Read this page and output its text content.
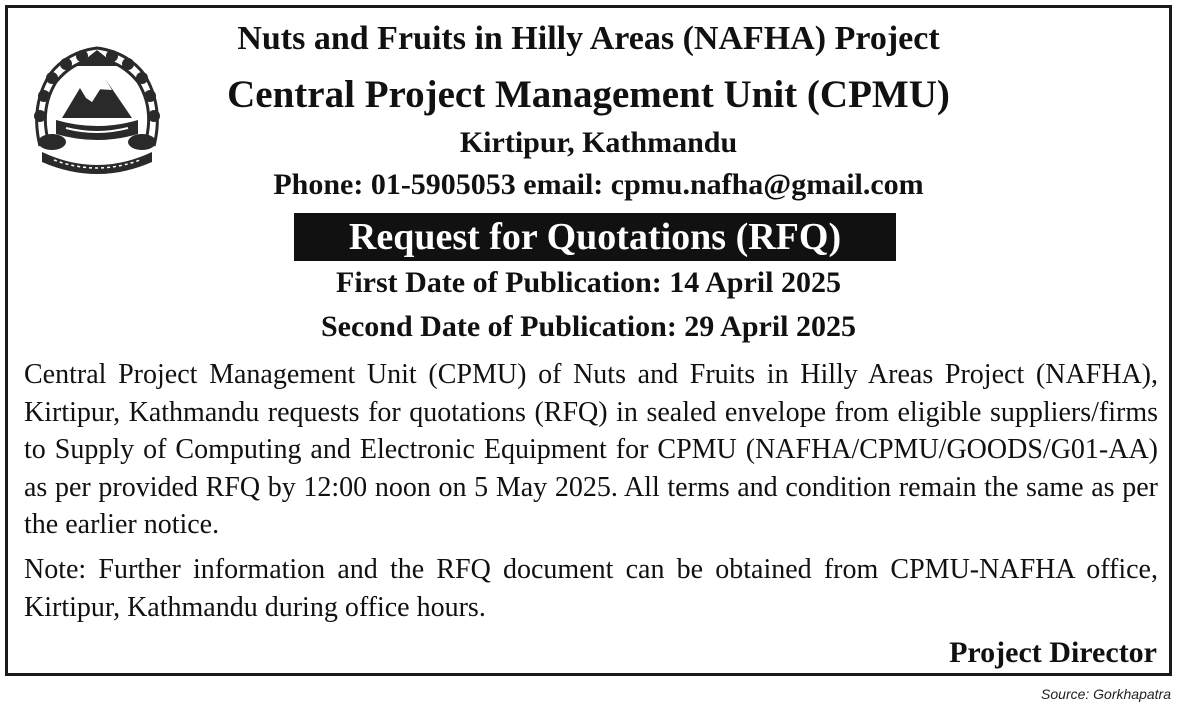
Nuts and Fruits in Hilly Areas (NAFHA) Project

Central Project Management Unit (CPMU)

Kirtipur, Kathmandu

Phone: 01-5905053 email: cpmu.nafha@gmail.com

Request for Quotations (RFQ)

First Date of Publication: 14 April 2025

Second Date of Publication: 29 April 2025

Central Project Management Unit (CPMU) of Nuts and Fruits in Hilly Areas Project (NAFHA), Kirtipur, Kathmandu requests for quotations (RFQ) in sealed envelope from eligible suppliers/firms to Supply of Computing and Electronic Equipment for CPMU (NAFHA/CPMU/GOODS/G01-AA) as per provided RFQ by 12:00 noon on 5 May 2025. All terms and condition remain the same as per the earlier notice.

Note: Further information and the RFQ document can be obtained from CPMU-NAFHA office, Kirtipur, Kathmandu during office hours.

Project Director

Source: Gorkhapatra
